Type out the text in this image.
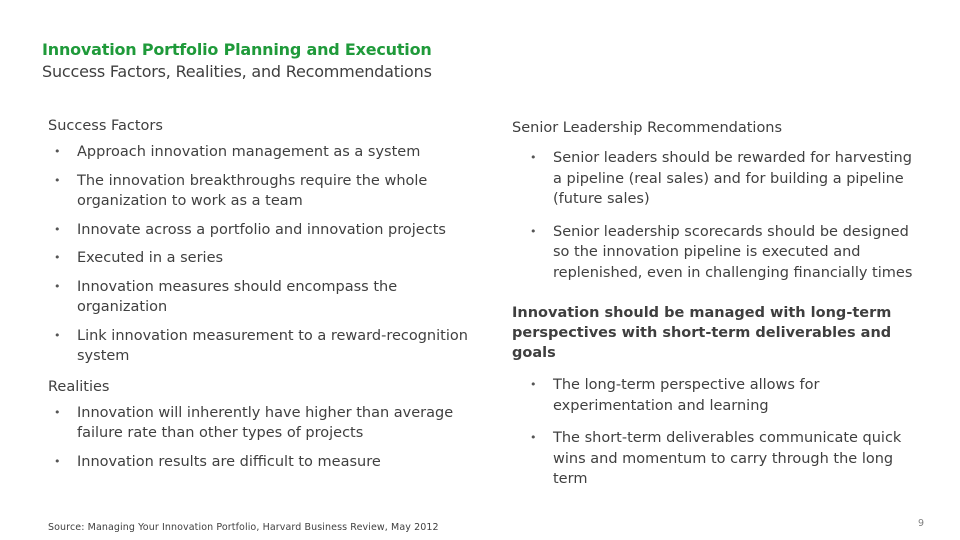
Innovation Portfolio Planning and Execution
Success Factors, Realities, and Recommendations

Success Factors

• Approach innovation management as a system
• The innovation breakthroughs require the whole organization to work as a team
• Innovate across a portfolio and innovation projects
• Executed in a series
• Innovation measures should encompass the organization
• Link innovation measurement to a reward-recognition system

Realities

• Innovation will inherently have higher than average failure rate than other types of projects
• Innovation results are difficult to measure

Senior Leadership Recommendations

• Senior leaders should be rewarded for harvesting a pipeline (real sales) and for building a pipeline (future sales)
• Senior leadership scorecards should be designed so the innovation pipeline is executed and replenished, even in challenging financially times

Innovation should be managed with long-term perspectives with short-term deliverables and goals

• The long-term perspective allows for experimentation and learning
• The short-term deliverables communicate quick wins and momentum to carry through the long term
Source: Managing Your Innovation Portfolio, Harvard Business Review, May 2012	9
